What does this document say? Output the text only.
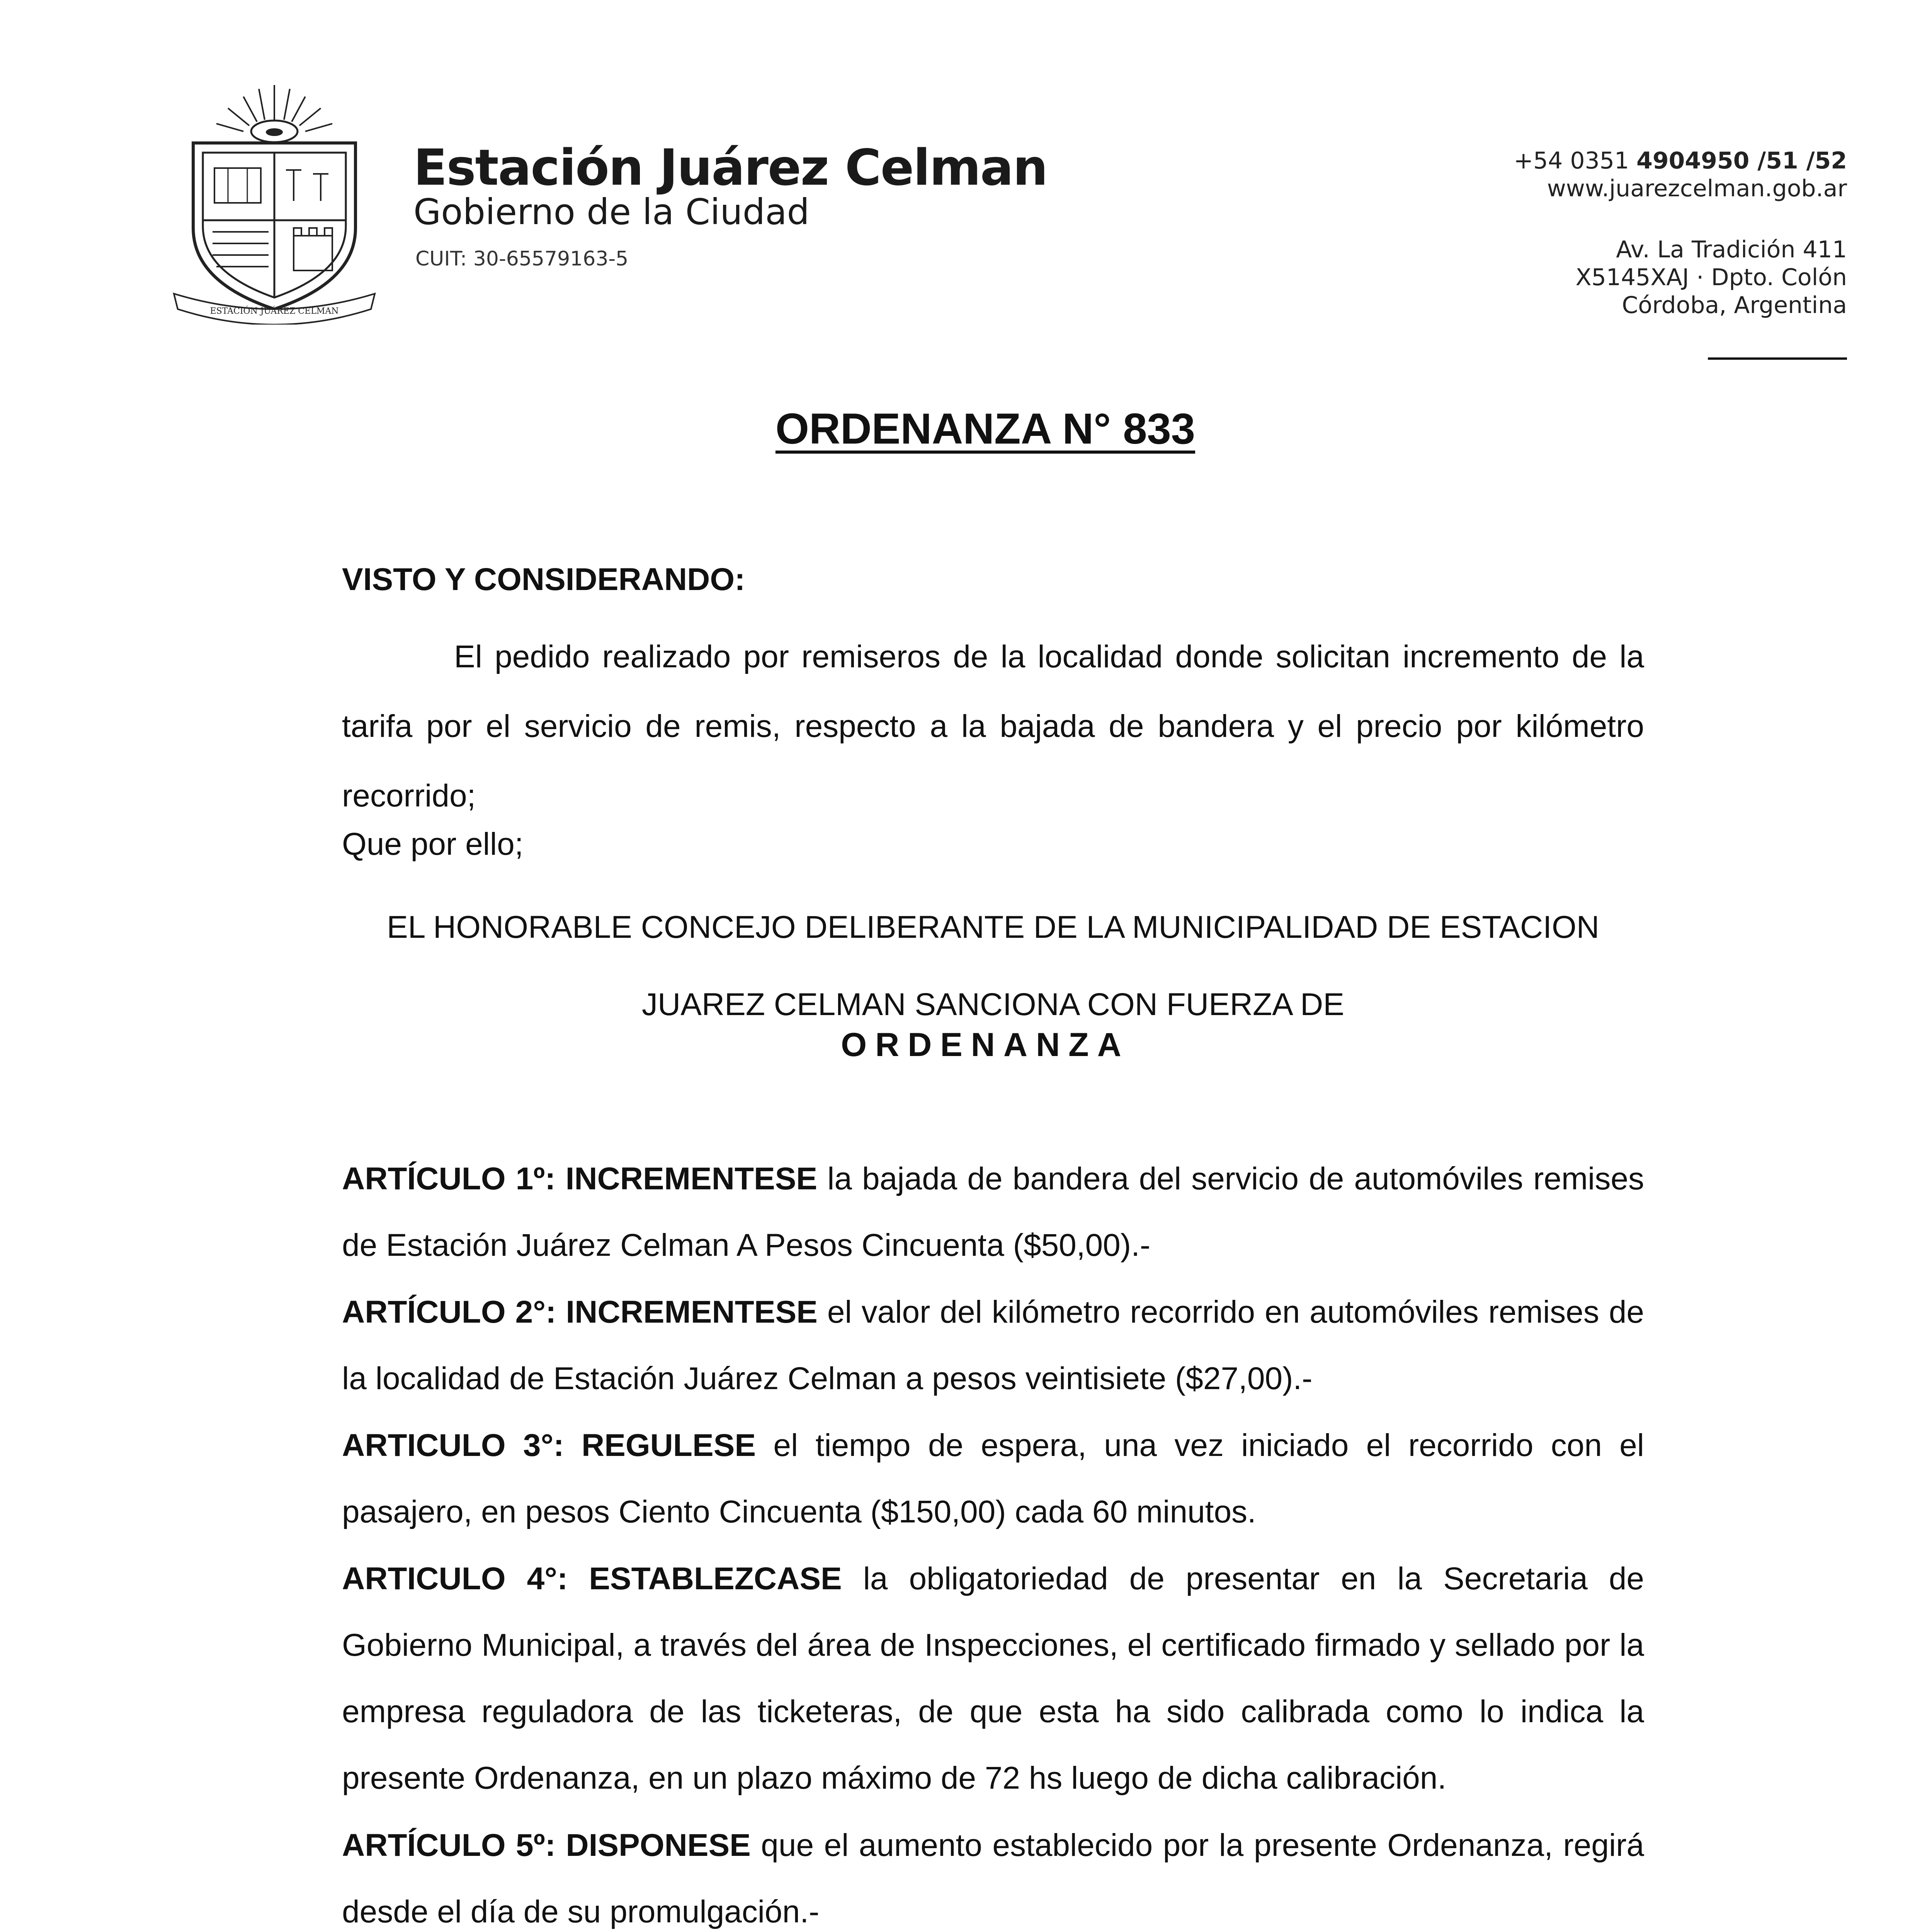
ESTACIÓN JUÁREZ CELMAN
Estación Juárez Celman
Gobierno de la Ciudad
CUIT: 30-65579163-5
+54 0351 4904950 /51 /52
www.juarezcelman.gob.ar
Av. La Tradición 411
X5145XAJ · Dpto. Colón
Córdoba, Argentina
ORDENANZA N° 833
VISTO Y CONSIDERANDO:
El pedido realizado por remiseros de la localidad donde solicitan incremento de la tarifa por el servicio de remis, respecto a la bajada de bandera y el precio por kilómetro recorrido;
Que por ello;
EL HONORABLE CONCEJO DELIBERANTE DE LA MUNICIPALIDAD DE ESTACION JUAREZ CELMAN SANCIONA CON FUERZA DE
ORDENANZA
ARTÍCULO 1º: INCREMENTESE la bajada de bandera del servicio de automóviles remises de Estación Juárez Celman A Pesos Cincuenta ($50,00).-
ARTÍCULO 2°: INCREMENTESE el valor del kilómetro recorrido en automóviles remises de la localidad de Estación Juárez Celman a pesos veintisiete ($27,00).-
ARTICULO 3°: REGULESE el tiempo de espera, una vez iniciado el recorrido con el pasajero, en pesos Ciento Cincuenta ($150,00) cada 60 minutos.
ARTICULO 4°: ESTABLEZCASE la obligatoriedad de presentar en la Secretaria de Gobierno Municipal, a través del área de Inspecciones, el certificado firmado y sellado por la empresa reguladora de las ticketeras, de que esta ha sido calibrada como lo indica la presente Ordenanza, en un plazo máximo de 72 hs luego de dicha calibración.
ARTÍCULO 5º: DISPONESE que el aumento establecido por la presente Ordenanza, regirá desde el día de su promulgación.-
